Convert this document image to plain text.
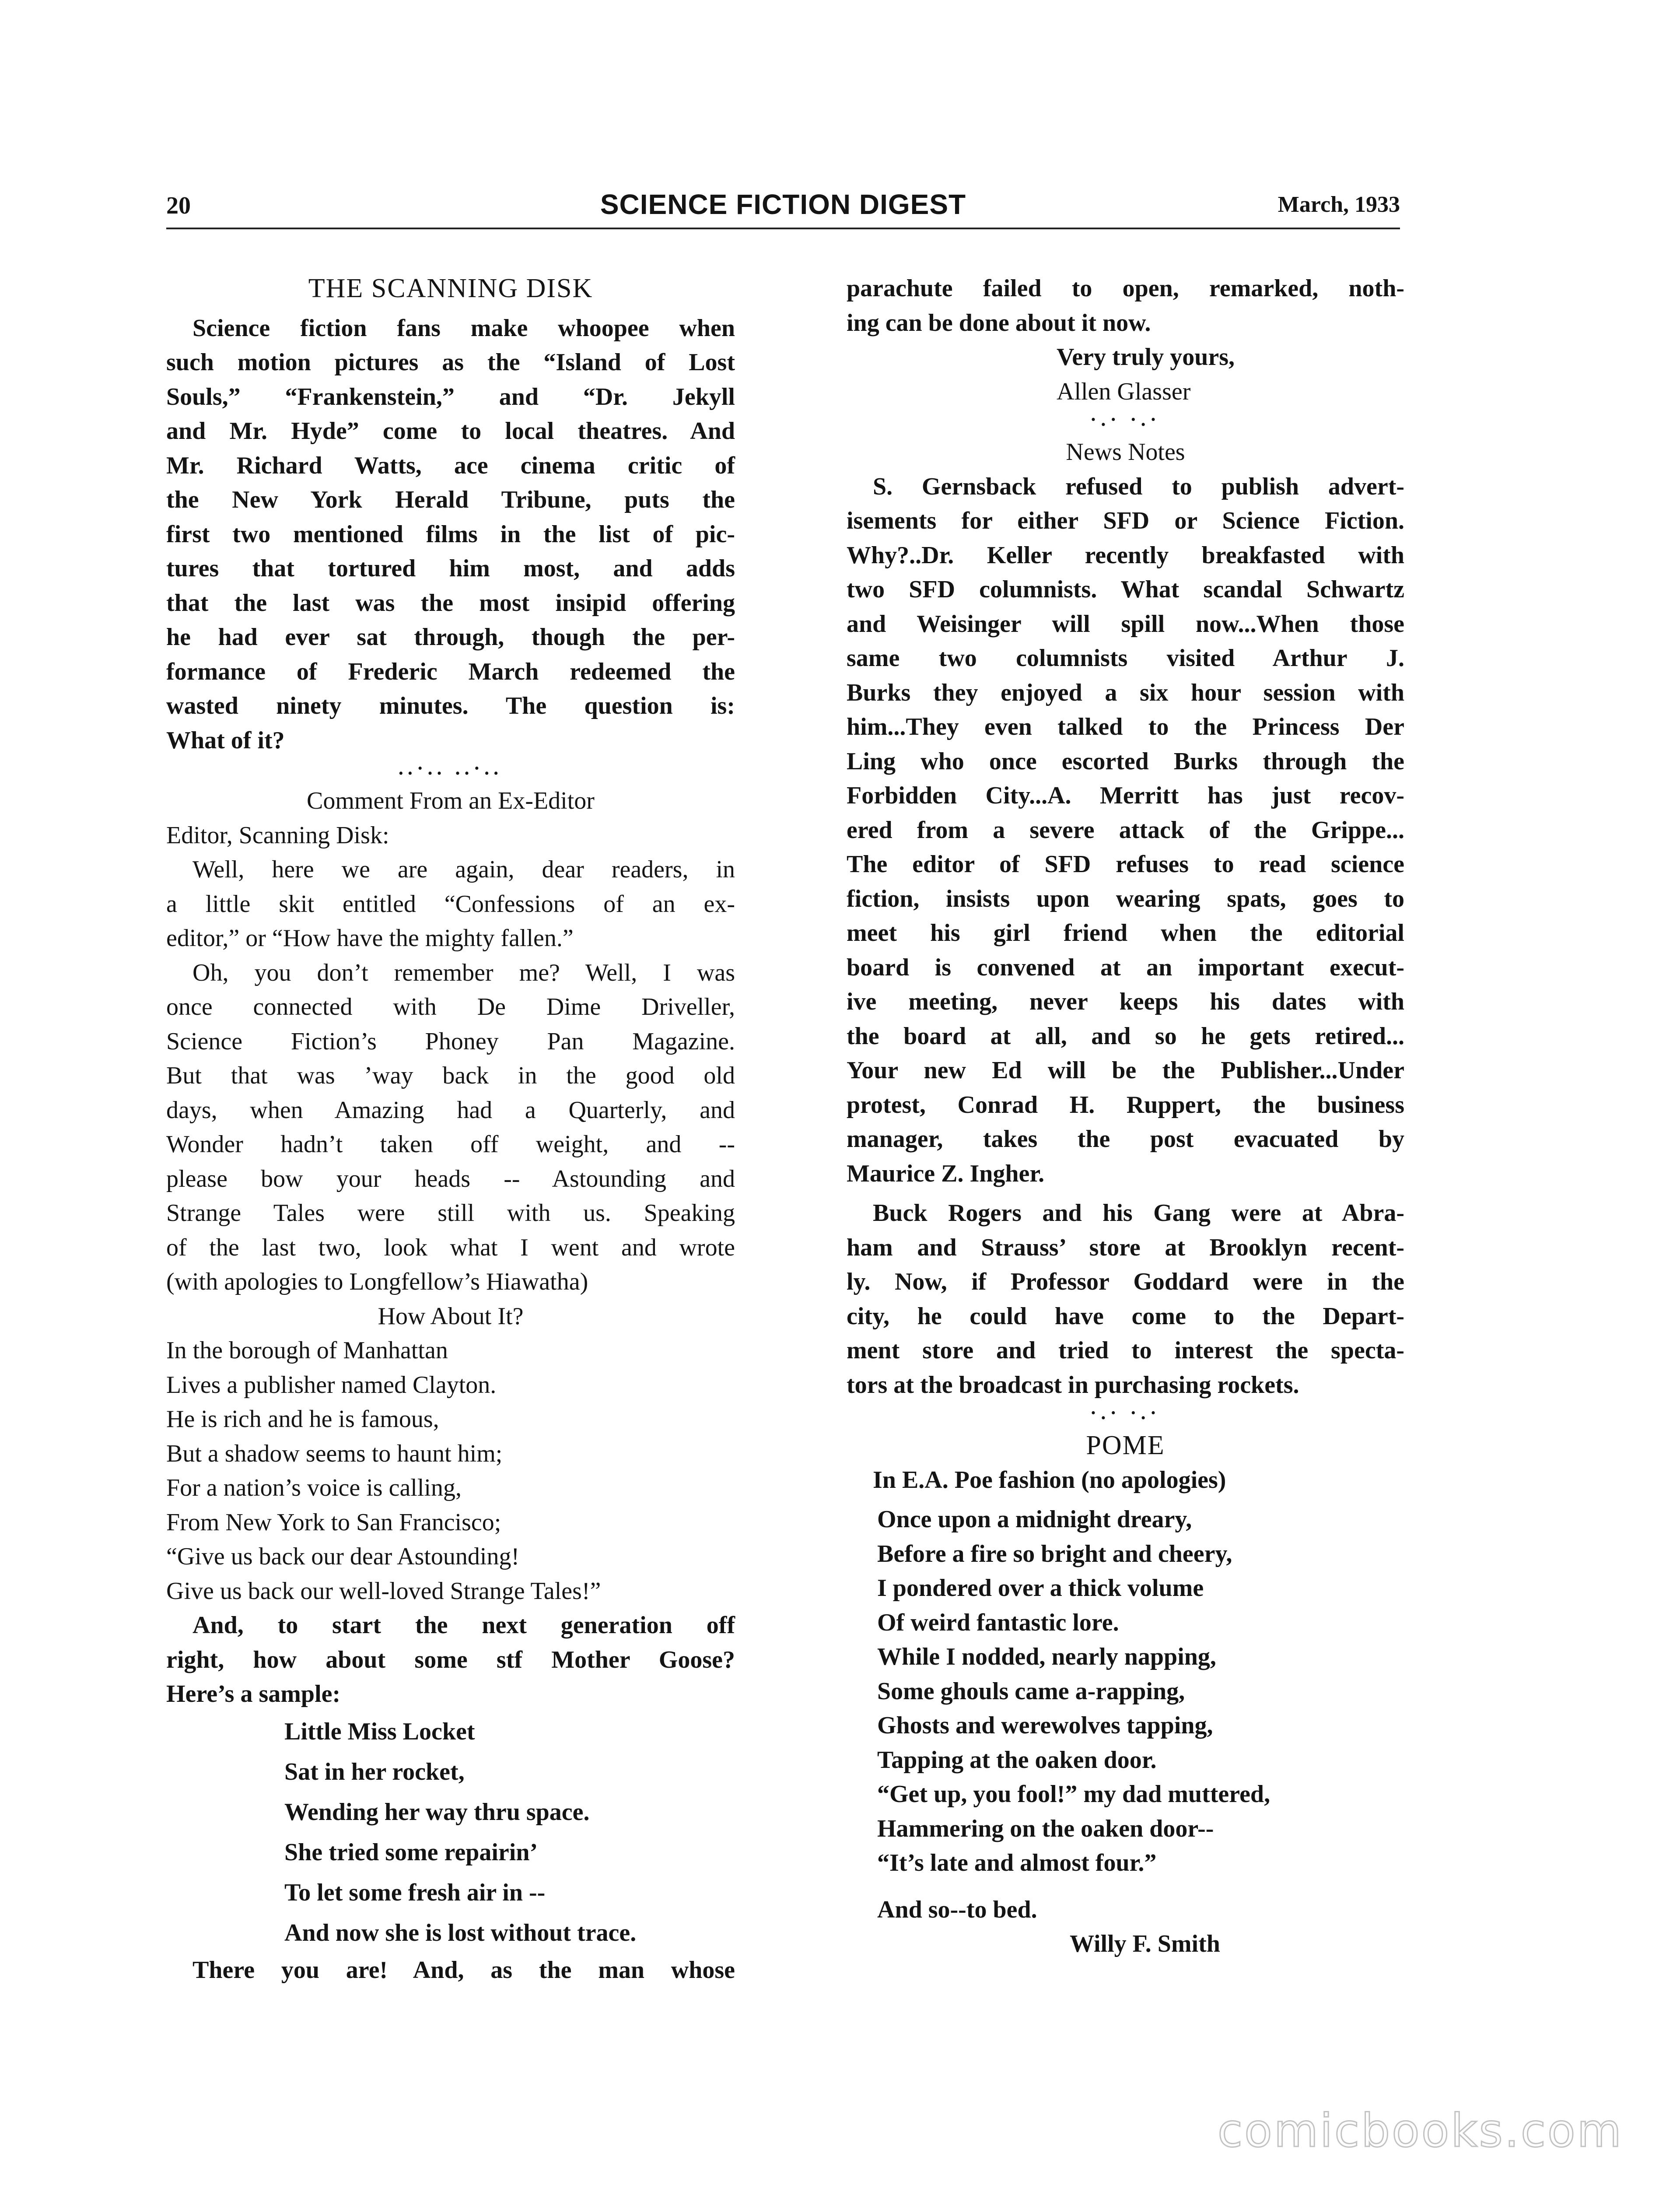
20	SCIENCE FICTION DIGEST	March, 1933

THE SCANNING DISK

Science fiction fans make whoopee when

such motion pictures as the “Island of Lost

Souls,” “Frankenstein,” and “Dr. Jekyll

and Mr. Hyde” come to local theatres. And

Mr. Richard Watts, ace cinema critic of

the New York Herald Tribune, puts the

first two mentioned films in the list of pic-

tures that tortured him most, and adds

that the last was the most insipid offering

he had ever sat through, though the per-

formance of Frederic March redeemed the

wasted ninety minutes. The question is:

What of it?

..·.. ..·..

Comment From an Ex-Editor

Editor, Scanning Disk:

Well, here we are again, dear readers, in

a little skit entitled “Confessions of an ex-

editor,” or “How have the mighty fallen.”

Oh, you don’t remember me? Well, I was

once connected with De Dime Driveller,

Science Fiction’s Phoney Pan Magazine.

But that was ’way back in the good old

days, when Amazing had a Quarterly, and

Wonder hadn’t taken off weight, and --

please bow your heads -- Astounding and

Strange Tales were still with us. Speaking

of the last two, look what I went and wrote

(with apologies to Longfellow’s Hiawatha)

How About It?

In the borough of Manhattan

Lives a publisher named Clayton.

He is rich and he is famous,

But a shadow seems to haunt him;

For a nation’s voice is calling,

From New York to San Francisco;

“Give us back our dear Astounding!

Give us back our well-loved Strange Tales!”

And, to start the next generation off

right, how about some stf Mother Goose?

Here’s a sample:

Little Miss Locket

Sat in her rocket,

Wending her way thru space.

She tried some repairin’

To let some fresh air in --

And now she is lost without trace.

There you are! And, as the man whose

parachute failed to open, remarked, noth-

ing can be done about it now.

Very truly yours,

Allen Glasser

·.· ·.·

News Notes

S. Gernsback refused to publish advert-

isements for either SFD or Science Fiction.

Why?..Dr. Keller recently breakfasted with

two SFD columnists. What scandal Schwartz

and Weisinger will spill now...When those

same two columnists visited Arthur J.

Burks they enjoyed a six hour session with

him...They even talked to the Princess Der

Ling who once escorted Burks through the

Forbidden City...A. Merritt has just recov-

ered from a severe attack of the Grippe...

The editor of SFD refuses to read science

fiction, insists upon wearing spats, goes to

meet his girl friend when the editorial

board is convened at an important execut-

ive meeting, never keeps his dates with

the board at all, and so he gets retired...

Your new Ed will be the Publisher...Under

protest, Conrad H. Ruppert, the business

manager, takes the post evacuated by

Maurice Z. Ingher.

Buck Rogers and his Gang were at Abra-

ham and Strauss’ store at Brooklyn recent-

ly. Now, if Professor Goddard were in the

city, he could have come to the Depart-

ment store and tried to interest the specta-

tors at the broadcast in purchasing rockets.

·.· ·.·

POME

In E.A. Poe fashion (no apologies)

Once upon a midnight dreary,

Before a fire so bright and cheery,

I pondered over a thick volume

Of weird fantastic lore.

While I nodded, nearly napping,

Some ghouls came a-rapping,

Ghosts and werewolves tapping,

Tapping at the oaken door.

“Get up, you fool!” my dad muttered,

Hammering on the oaken door--

“It’s late and almost four.”

And so--to bed.

Willy F. Smith

comicbooks.com
